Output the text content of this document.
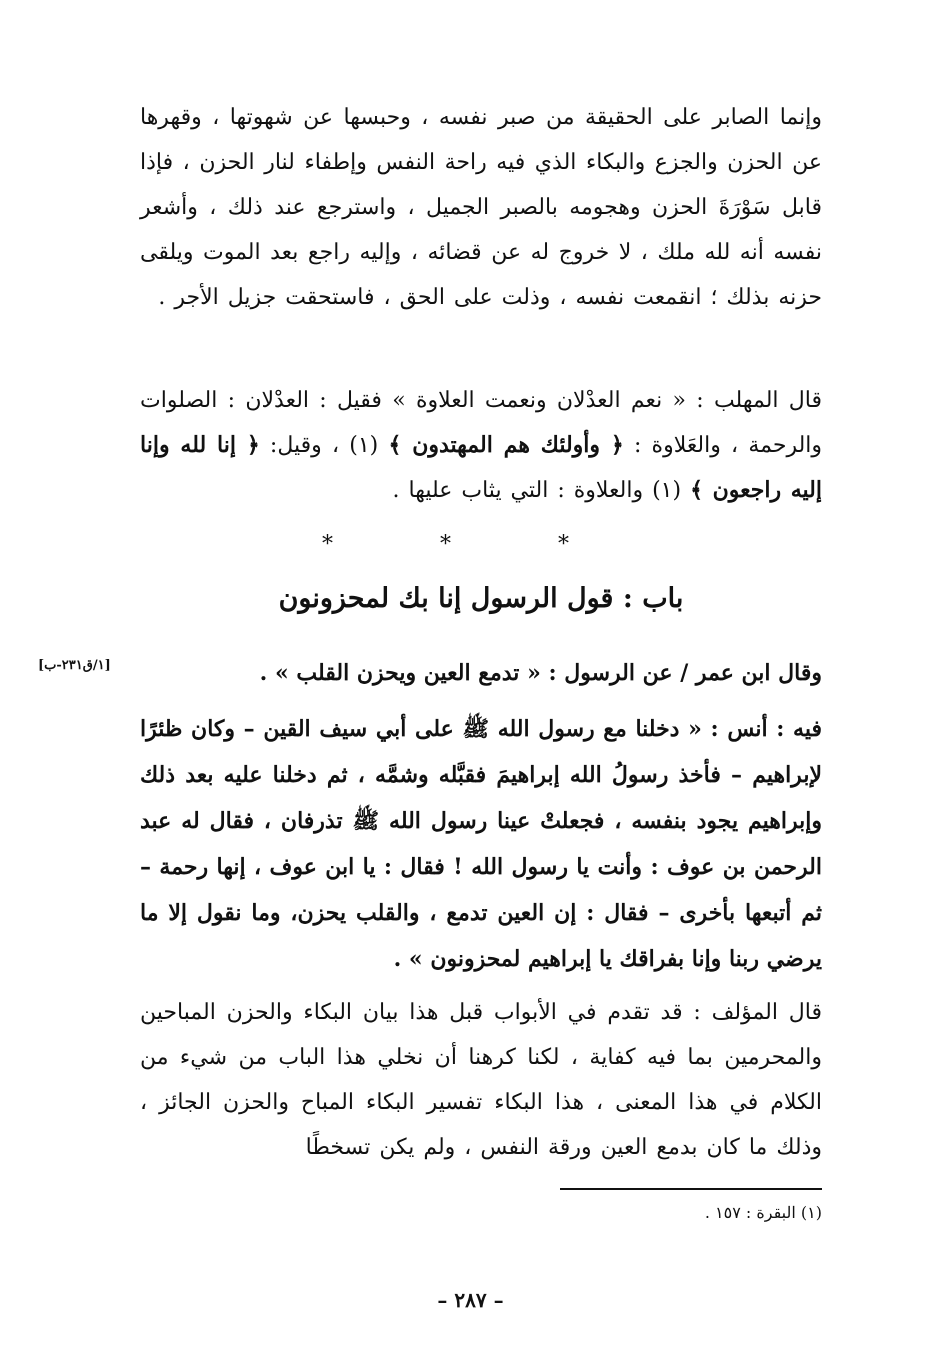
وإنما الصابر على الحقيقة من صبر نفسه ، وحبسها عن شهوتها ، وقهرها عن الحزن والجزع والبكاء الذي فيه راحة النفس وإطفاء لنار الحزن ، فإذا قابل سَوْرَةَ الحزن وهجومه بالصبر الجميل ، واسترجع عند ذلك ، وأشعر نفسه أنه لله ملك ، لا خروج له عن قضائه ، وإليه راجع بعد الموت ويلقى حزنه بذلك ؛ انقمعت نفسه ، وذلت على الحق ، فاستحقت جزيل الأجر .
قال المهلب : « نعم العدْلان ونعمت العلاوة » فقيل : العدْلان : الصلوات والرحمة ، والعَلاوة : ﴿ وأولئك هم المهتدون ﴾ (١) ، وقيل: ﴿ إنا لله وإنا إليه راجعون ﴾ (١) والعلاوة : التي يثاب عليها .
* * *
باب : قول الرسول إنا بك لمحزونون
وقال ابن عمر / عن الرسول : « تدمع العين ويحزن القلب » .
[١/ق٢٣١-ب]
فيه : أنس : « دخلنا مع رسول الله ﷺ على أبي سيف القين – وكان ظئرًا لإبراهيم – فأخذ رسولُ الله إبراهيمَ فقبَّله وشمَّه ، ثم دخلنا عليه بعد ذلك وإبراهيم يجود بنفسه ، فجعلتْ عينا رسول الله ﷺ تذرفان ، فقال له عبد الرحمن بن عوف : وأنت يا رسول الله ! فقال : يا ابن عوف ، إنها رحمة – ثم أتبعها بأخرى – فقال : إن العين تدمع ، والقلب يحزن، وما نقول إلا ما يرضي ربنا وإنا بفراقك يا إبراهيم لمحزونون » .
قال المؤلف : قد تقدم في الأبواب قبل هذا بيان البكاء والحزن المباحين والمحرمين بما فيه كفاية ، لكنا كرهنا أن نخلي هذا الباب من شيء من الكلام في هذا المعنى ، هذا البكاء تفسير البكاء المباح والحزن الجائز ، وذلك ما كان بدمع العين ورقة النفس ، ولم يكن تسخطًا
(١) البقرة : ١٥٧ .
– ٢٨٧ –
